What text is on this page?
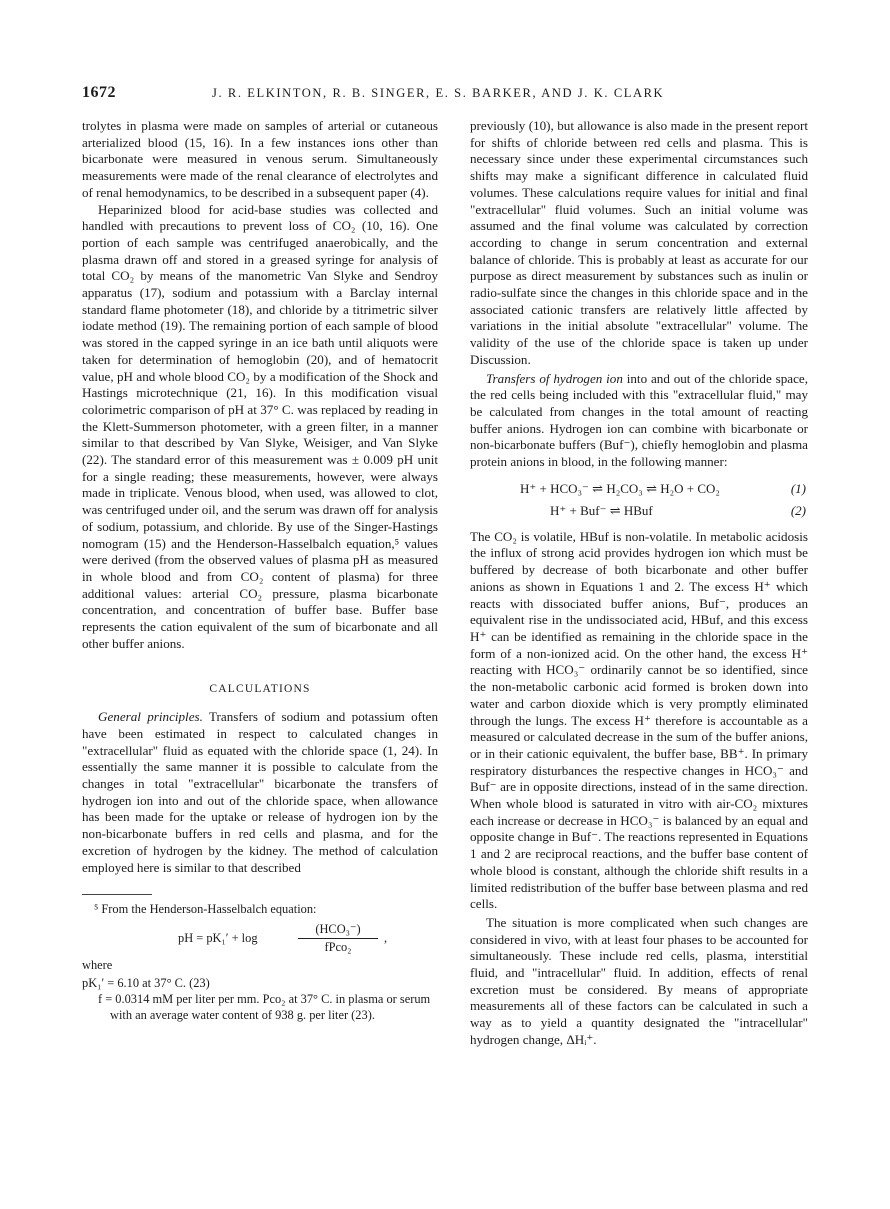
1672	J. R. ELKINTON, R. B. SINGER, E. S. BARKER, AND J. K. CLARK

trolytes in plasma were made on samples of arterial or cutaneous arterialized blood (15, 16). In a few instances ions other than bicarbonate were measured in venous serum. Simultaneously measurements were made of the renal clearance of electrolytes and of renal hemodynamics, to be described in a subsequent paper (4).

Heparinized blood for acid-base studies was collected and handled with precautions to prevent loss of CO₂ (10, 16). One portion of each sample was centrifuged anaerobically, and the plasma drawn off and stored in a greased syringe for analysis of total CO₂ by means of the manometric Van Slyke and Sendroy apparatus (17), sodium and potassium with a Barclay internal standard flame photometer (18), and chloride by a titrimetric silver iodate method (19). The remaining portion of each sample of blood was stored in the capped syringe in an ice bath until aliquots were taken for determination of hemoglobin (20), and of hematocrit value, pH and whole blood CO₂ by a modification of the Shock and Hastings microtechnique (21, 16). In this modification visual colorimetric comparison of pH at 37° C. was replaced by reading in the Klett-Summerson photometer, with a green filter, in a manner similar to that described by Van Slyke, Weisiger, and Van Slyke (22). The standard error of this measurement was ± 0.009 pH unit for a single reading; these measurements, however, were always made in triplicate. Venous blood, when used, was allowed to clot, was centrifuged under oil, and the serum was drawn off for analysis of sodium, potassium, and chloride. By use of the Singer-Hastings nomogram (15) and the Henderson-Hasselbalch equation,⁵ values were derived (from the observed values of plasma pH as measured in whole blood and from CO₂ content of plasma) for three additional values: arterial CO₂ pressure, plasma bicarbonate concentration, and concentration of buffer base. Buffer base represents the cation equivalent of the sum of bicarbonate and all other buffer anions.

CALCULATIONS

General principles. Transfers of sodium and potassium often have been estimated in respect to calculated changes in "extracellular" fluid as equated with the chloride space (1, 24). In essentially the same manner it is possible to calculate from the changes in total "extracellular" bicarbonate the transfers of hydrogen ion into and out of the chloride space, when allowance has been made for the uptake or release of hydrogen ion by the non-bicarbonate buffers in red cells and plasma, and for the excretion of hydrogen by the kidney. The method of calculation employed here is similar to that described

⁵ From the Henderson-Hasselbalch equation:
pH = pK₁′ + log
(HCO₃⁻)
fPco₂
,
where
pK₁′ = 6.10 at 37° C. (23)
f = 0.0314 mM per liter per mm. Pco₂ at 37° C. in plasma or serum with an average water content of 938 g. per liter (23).

previously (10), but allowance is also made in the present report for shifts of chloride between red cells and plasma. This is necessary since under these experimental circumstances such shifts may make a significant difference in calculated fluid volumes. These calculations require values for initial and final "extracellular" fluid volumes. Such an initial volume was assumed and the final volume was calculated by correction according to change in serum concentration and external balance of chloride. This is probably at least as accurate for our purpose as direct measurement by substances such as inulin or radio-sulfate since the changes in this chloride space and in the associated cationic transfers are relatively little affected by variations in the initial absolute "extracellular" volume. The validity of the use of the chloride space is taken up under Discussion.

Transfers of hydrogen ion into and out of the chloride space, the red cells being included with this "extracellular fluid," may be calculated from changes in the total amount of reacting buffer anions. Hydrogen ion can combine with bicarbonate or non-bicarbonate buffers (Buf⁻), chiefly hemoglobin and plasma protein anions in blood, in the following manner:

H⁺ + HCO₃⁻ ⇌ H₂CO₃ ⇌ H₂O + CO₂	(1)
H⁺ + Buf⁻ ⇌ HBuf	(2)

The CO₂ is volatile, HBuf is non-volatile. In metabolic acidosis the influx of strong acid provides hydrogen ion which must be buffered by decrease of both bicarbonate and other buffer anions as shown in Equations 1 and 2. The excess H⁺ which reacts with dissociated buffer anions, Buf⁻, produces an equivalent rise in the undissociated acid, HBuf, and this excess H⁺ can be identified as remaining in the chloride space in the form of a non-ionized acid. On the other hand, the excess H⁺ reacting with HCO₃⁻ ordinarily cannot be so identified, since the non-metabolic carbonic acid formed is broken down into water and carbon dioxide which is very promptly eliminated through the lungs. The excess H⁺ therefore is accountable as a measured or calculated decrease in the sum of the buffer anions, or in their cationic equivalent, the buffer base, BB⁺. In primary respiratory disturbances the respective changes in HCO₃⁻ and Buf⁻ are in opposite directions, instead of in the same direction. When whole blood is saturated in vitro with air-CO₂ mixtures each increase or decrease in HCO₃⁻ is balanced by an equal and opposite change in Buf⁻. The reactions represented in Equations 1 and 2 are reciprocal reactions, and the buffer base content of whole blood is constant, although the chloride shift results in a limited redistribution of the buffer base between plasma and red cells.

The situation is more complicated when such changes are considered in vivo, with at least four phases to be accounted for simultaneously. These include red cells, plasma, interstitial fluid, and "intracellular" fluid. In addition, effects of renal excretion must be considered. By means of appropriate measurements all of these factors can be calculated in such a way as to yield a quantity designated the "intracellular" hydrogen change, ΔHᵢ⁺.
